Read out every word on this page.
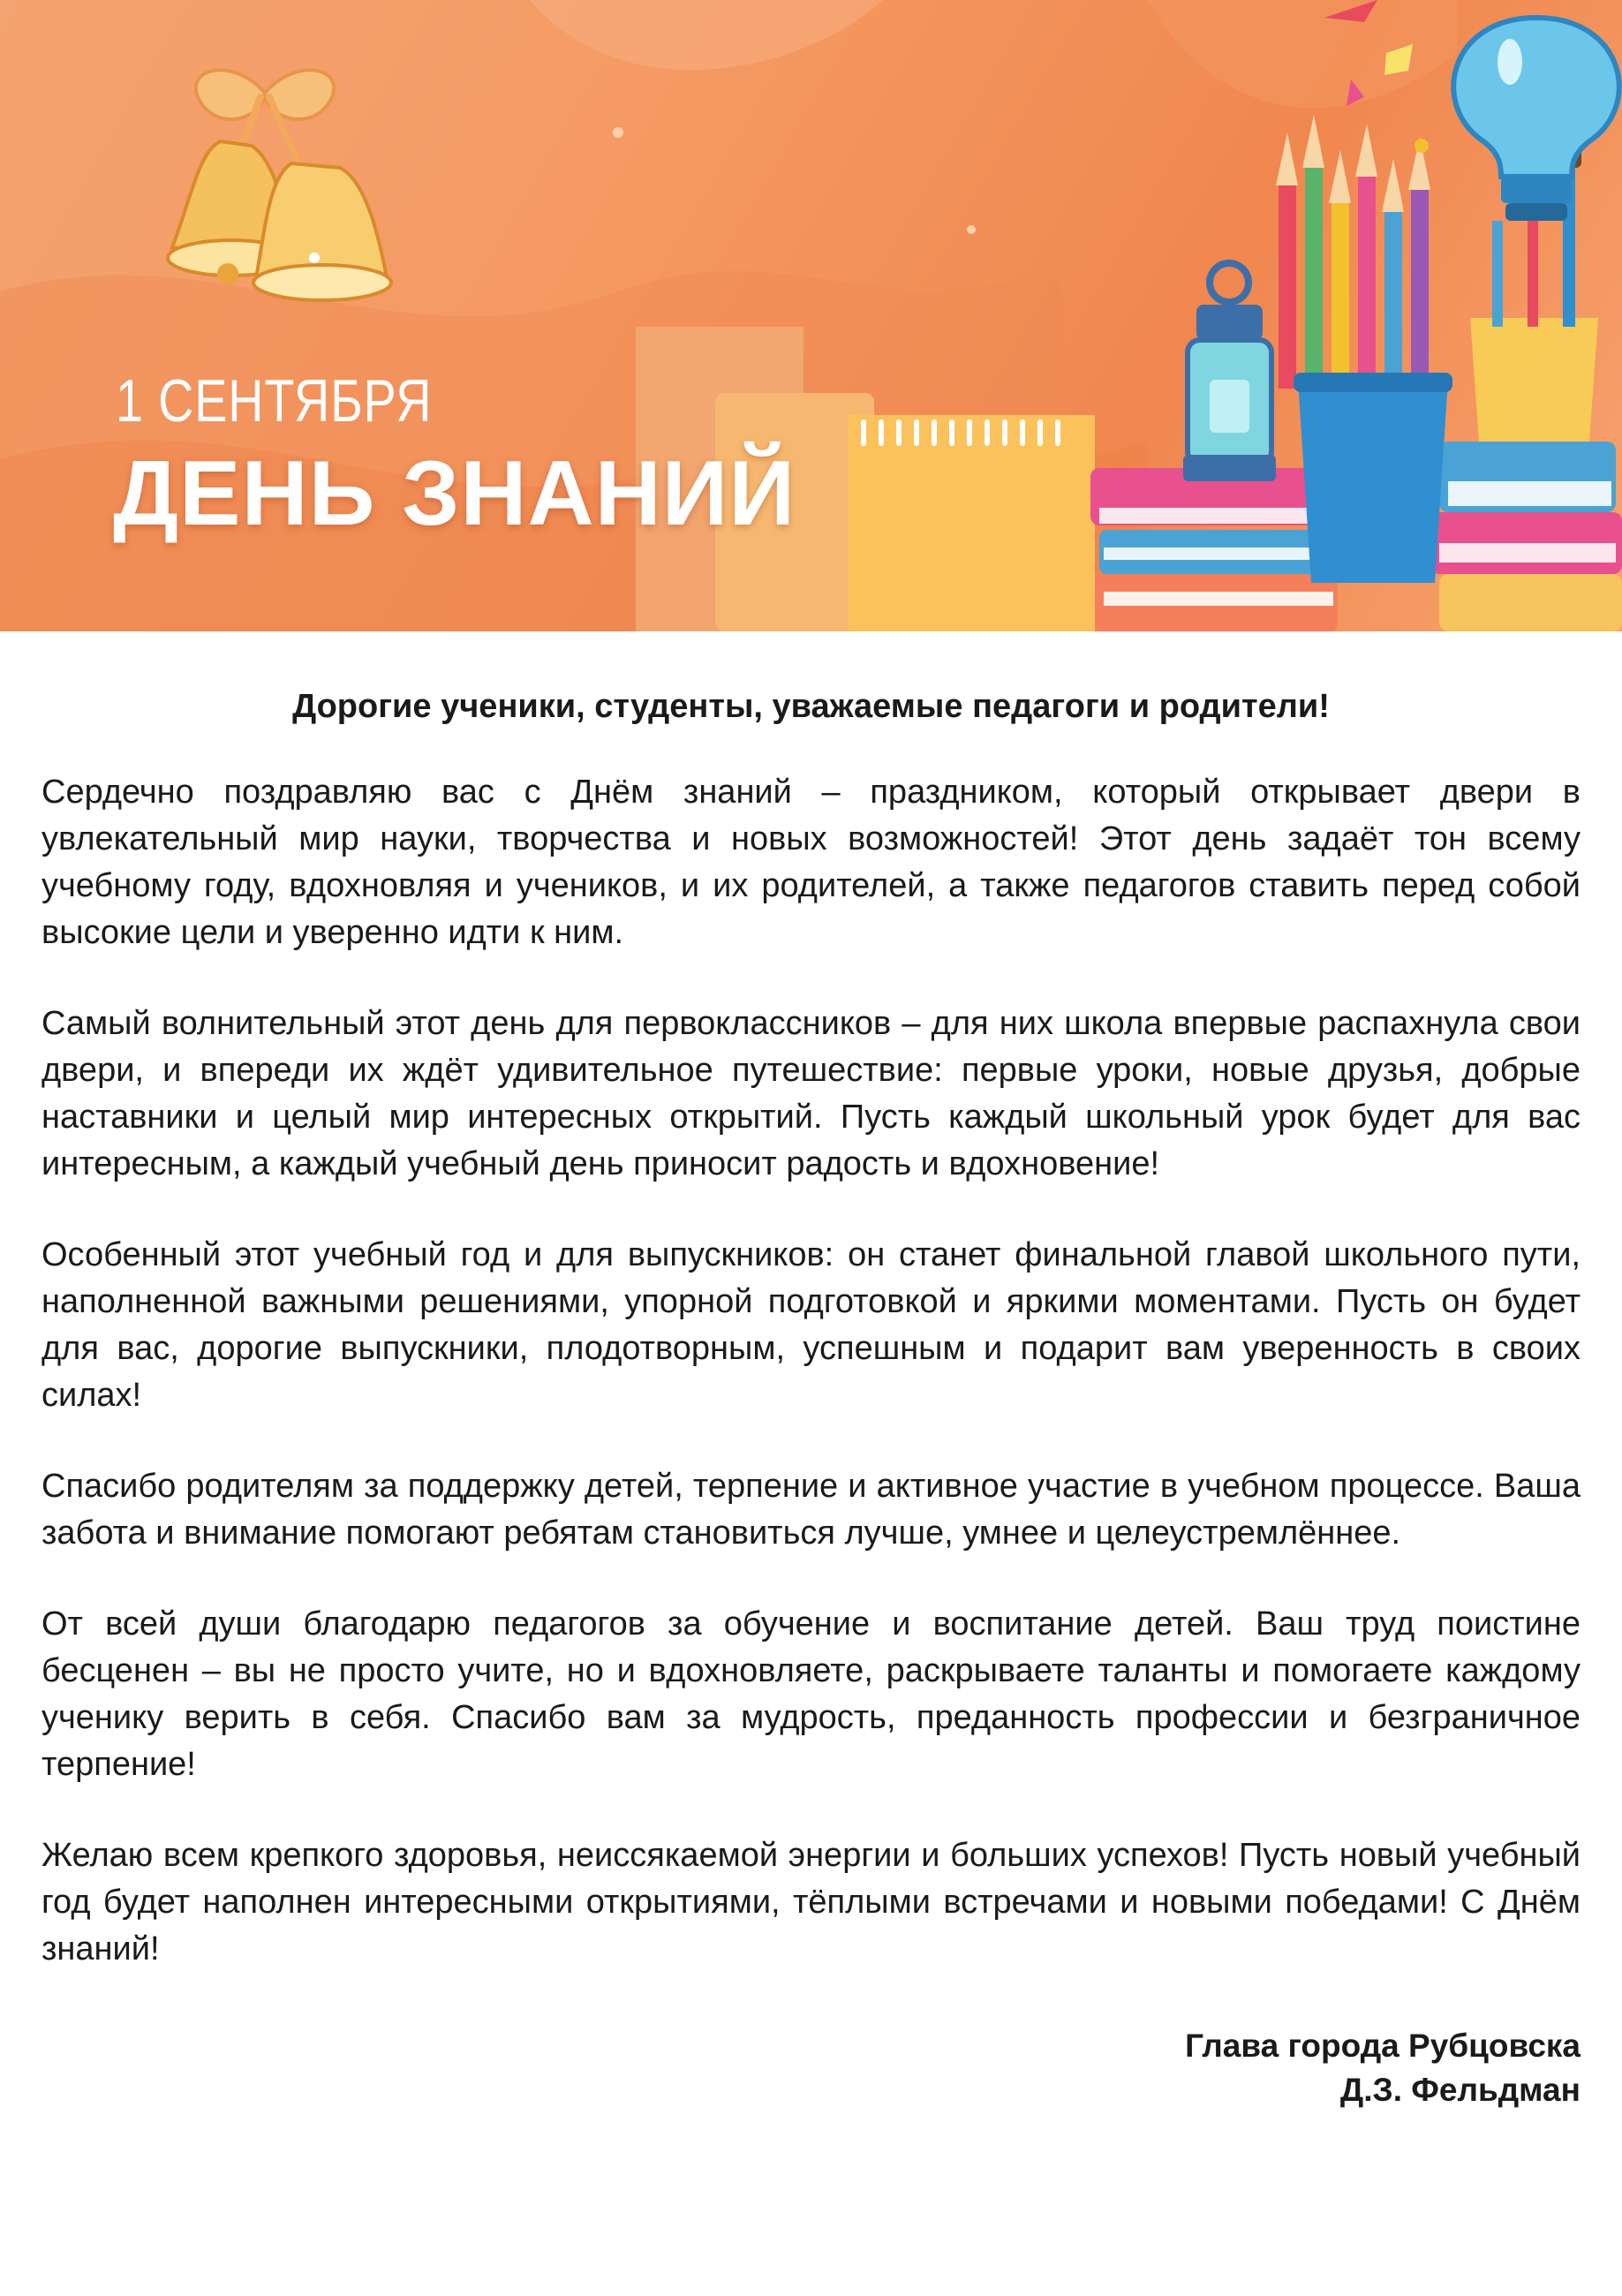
1 СЕНТЯБРЯ
ДЕНЬ ЗНАНИЙ
Дорогие ученики, студенты, уважаемые педагоги и родители!

Сердечно поздравляю вас с Днём знаний – праздником, который открывает двери в увлекательный мир науки, творчества и новых возможностей! Этот день задаёт тон всему учебному году, вдохновляя и учеников, и их родителей, а также педагогов ставить перед собой высокие цели и уверенно идти к ним.

Самый волнительный этот день для первоклассников – для них школа впервые распахнула свои двери, и впереди их ждёт удивительное путешествие: первые уроки, новые друзья, добрые наставники и целый мир интересных открытий. Пусть каждый школьный урок будет для вас интересным, а каждый учебный день приносит радость и вдохновение!

Особенный этот учебный год и для выпускников: он станет финальной главой школьного пути, наполненной важными решениями, упорной подготовкой и яркими моментами. Пусть он будет для вас, дорогие выпускники, плодотворным, успешным и подарит вам уверенность в своих силах!

Спасибо родителям за поддержку детей, терпение и активное участие в учебном процессе. Ваша забота и внимание помогают ребятам становиться лучше, умнее и целеустремлённее.

От всей души благодарю педагогов за обучение и воспитание детей. Ваш труд поистине бесценен – вы не просто учите, но и вдохновляете, раскрываете таланты и помогаете каждому ученику верить в себя. Спасибо вам за мудрость, преданность профессии и безграничное терпение!

Желаю всем крепкого здоровья, неиссякаемой энергии и больших успехов! Пусть новый учебный год будет наполнен интересными открытиями, тёплыми встречами и новыми победами! С Днём знаний!

Глава города Рубцовска
Д.З. Фельдман
